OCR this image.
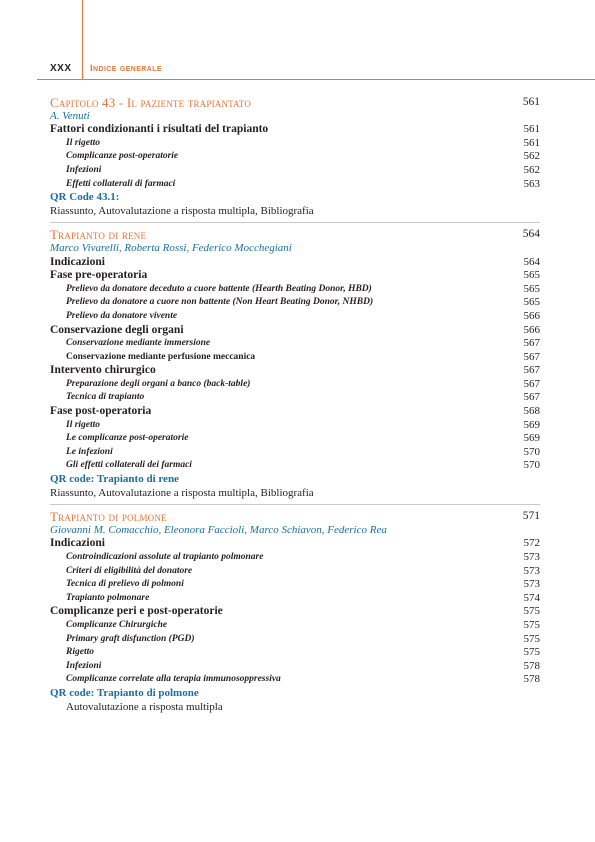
XXX Indice generale
Capitolo 43 - Il paziente trapiantato	561
A. Venuti
Fattori condizionanti i risultati del trapianto	561
Il rigetto	561
Complicanze post-operatorie	562
Infezioni	562
Effetti collaterali di farmaci	563
QR Code 43.1:
Riassunto, Autovalutazione a risposta multipla, Bibliografia
Trapianto di rene	564
Marco Vivarelli, Roberta Rossi, Federico Mocchegiani
Indicazioni	564
Fase pre-operatoria	565
Prelievo da donatore deceduto a cuore battente (Hearth Beating Donor, HBD)	565
Prelievo da donatore a cuore non battente (Non Heart Beating Donor, NHBD)	565
Prelievo da donatore vivente	566
Conservazione degli organi	566
Conservazione mediante immersione	567
Conservazione mediante perfusione meccanica	567
Intervento chirurgico	567
Preparazione degli organi a banco (back-table)	567
Tecnica di trapianto	567
Fase post-operatoria	568
Il rigetto	569
Le complicanze post-operatorie	569
Le infezioni	570
Gli effetti collaterali dei farmaci	570
QR code: Trapianto di rene
Riassunto, Autovalutazione a risposta multipla, Bibliografia
Trapianto di polmone	571
Giovanni M. Comacchio, Eleonora Faccioli, Marco Schiavon, Federico Rea
Indicazioni	572
Controindicazioni assolute al trapianto polmonare	573
Criteri di eligibilità del donatore	573
Tecnica di prelievo di polmoni	573
Trapianto polmonare	574
Complicanze peri e post-operatorie	575
Complicanze Chirurgiche	575
Primary graft disfunction (PGD)	575
Rigetto	575
Infezioni	578
Complicanze correlate alla terapia immunosoppressiva	578
QR code: Trapianto di polmone
Autovalutazione a risposta multipla
